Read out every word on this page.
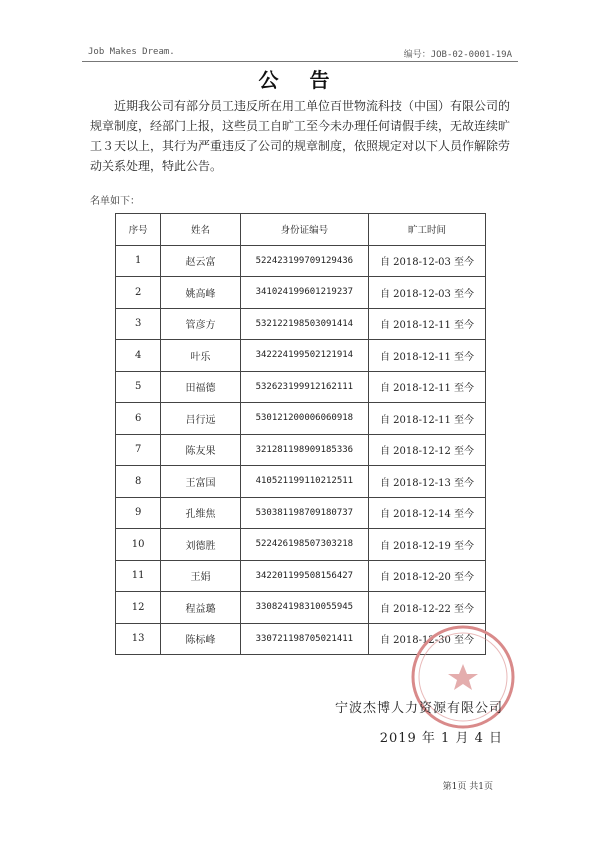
Job Makes Dream.	编号：JOB-02-0001-19A
公 告
近期我公司有部分员工违反所在用工单位百世物流科技（中国）有限公司的规章制度，经部门上报，这些员工自旷工至今未办理任何请假手续，无故连续旷工３天以上，其行为严重违反了公司的规章制度，依照规定对以下人员作解除劳动关系处理，特此公告。
名单如下：
序号	姓名	身份证编号	旷工时间
1	赵云富	522423199709129436	自 2018-12-03 至今
2	姚高峰	341024199601219237	自 2018-12-03 至今
3	管彦方	532122198503091414	自 2018-12-11 至今
4	叶乐	342224199502121914	自 2018-12-11 至今
5	田福德	532623199912162111	自 2018-12-11 至今
6	吕行远	530121200006060918	自 2018-12-11 至今
7	陈友果	321281198909185336	自 2018-12-12 至今
8	王富国	410521199110212511	自 2018-12-13 至今
9	孔维焦	530381198709180737	自 2018-12-14 至今
10	刘德胜	522426198507303218	自 2018-12-19 至今
11	王娟	342201199508156427	自 2018-12-20 至今
12	程益璐	330824198310055945	自 2018-12-22 至今
13	陈标峰	330721198705021411	自 2018-12-30 至今
宁波杰博人力资源有限公司
2019 年 1 月 4 日
第1页 共1页
